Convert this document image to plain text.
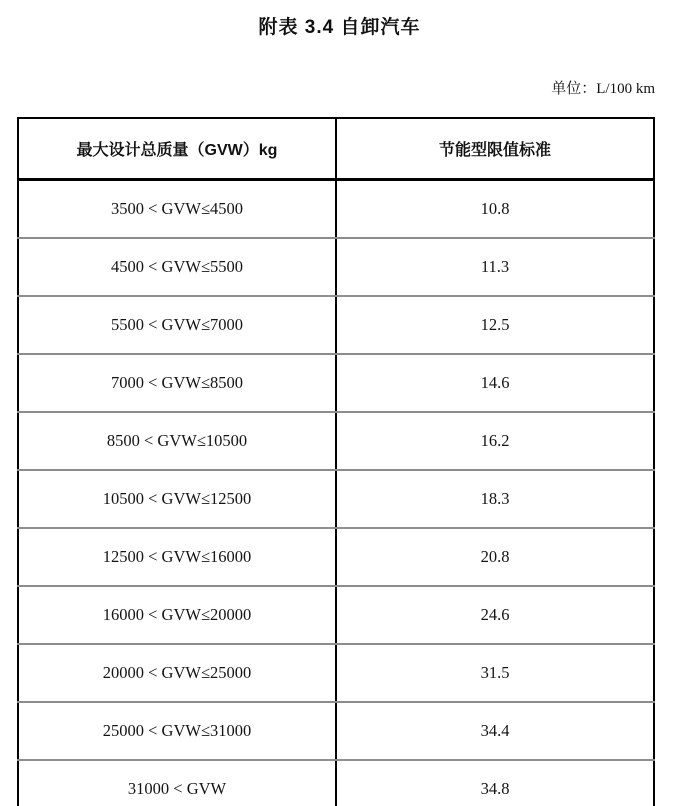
附表 3.4 自卸汽车
单位：L/100 km
最大设计总质量（GVW）kg	节能型限值标准
3500 < GVW≤4500	10.8
4500 < GVW≤5500	11.3
5500 < GVW≤7000	12.5
7000 < GVW≤8500	14.6
8500 < GVW≤10500	16.2
10500 < GVW≤12500	18.3
12500 < GVW≤16000	20.8
16000 < GVW≤20000	24.6
20000 < GVW≤25000	31.5
25000 < GVW≤31000	34.4
31000 < GVW	34.8
